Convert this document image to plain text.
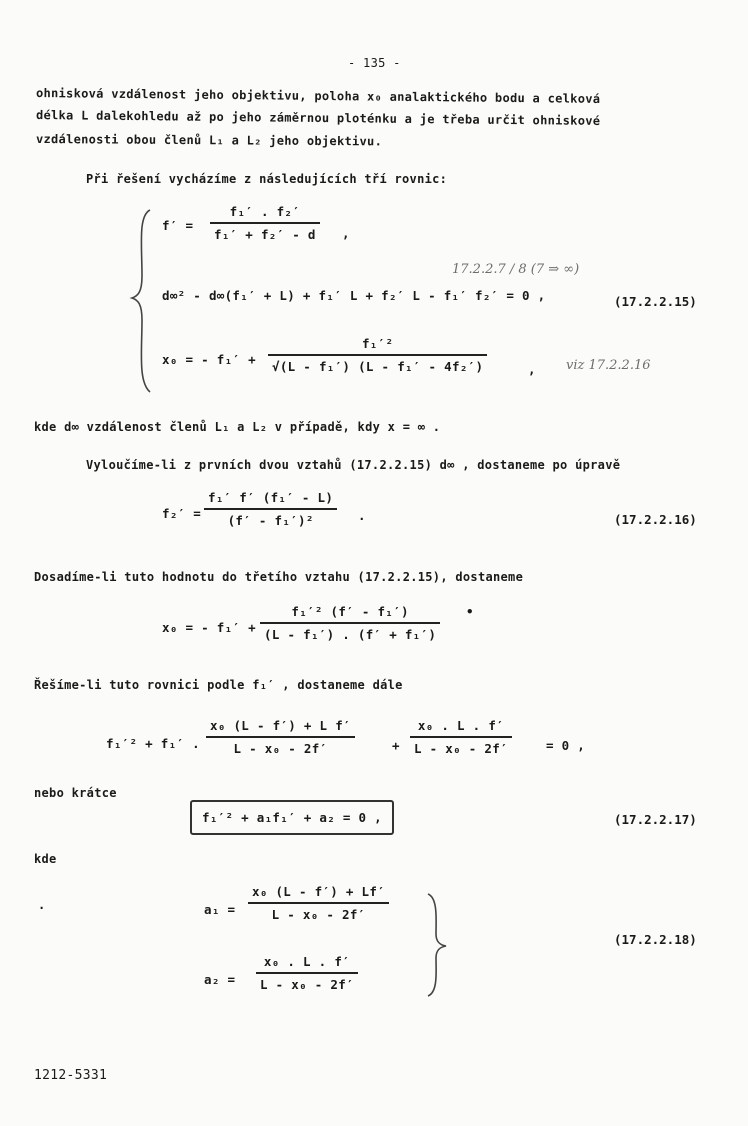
- 135 -
ohnisková vzdálenost jeho objektivu, poloha x₀ analaktického bodu a celková
délka L dalekohledu až po jeho záměrnou ploténku a je třeba určit ohniskové
vzdálenosti obou členů L₁ a L₂ jeho objektivu.
Při řešení vycházíme z následujících tří rovnic:
f′ =
f₁′ . f₂′
f₁′ + f₂′ - d	,
17.2.2.7 / 8 (7 ⇒ ∞)
d∞² - d∞(f₁′ + L) + f₁′ L + f₂′ L - f₁′ f₂′ = 0 ,	(17.2.2.15)
x₀ = - f₁′ +
f₁′²
√(L - f₁′) (L - f₁′ - 4f₂′)	, viz 17.2.2.16
kde d∞ vzdálenost členů L₁ a L₂ v případě, kdy x = ∞ .
Vyloučíme-li z prvních dvou vztahů (17.2.2.15) d∞ , dostaneme po úpravě
f₂′ =
f₁′ f′ (f₁′ - L)
(f′ - f₁′)²	.	(17.2.2.16)
Dosadíme-li tuto hodnotu do třetího vztahu (17.2.2.15), dostaneme
x₀ = - f₁′ +
f₁′² (f′ - f₁′)
(L - f₁′) . (f′ + f₁′)
•
Řešíme-li tuto rovnici podle f₁′ , dostaneme dále
f₁′² + f₁′ .
x₀ (L - f′) + L f′
L - x₀ - 2f′	+
x₀ . L . f′
L - x₀ - 2f′	= 0 ,
nebo krátce
f₁′² + a₁f₁′ + a₂ = 0 ,	(17.2.2.17)
kde
.	a₁ =
x₀ (L - f′) + Lf′
L - x₀ - 2f′
a₂ =
x₀ . L . f′
L - x₀ - 2f′
(17.2.2.18)
1212-5331
